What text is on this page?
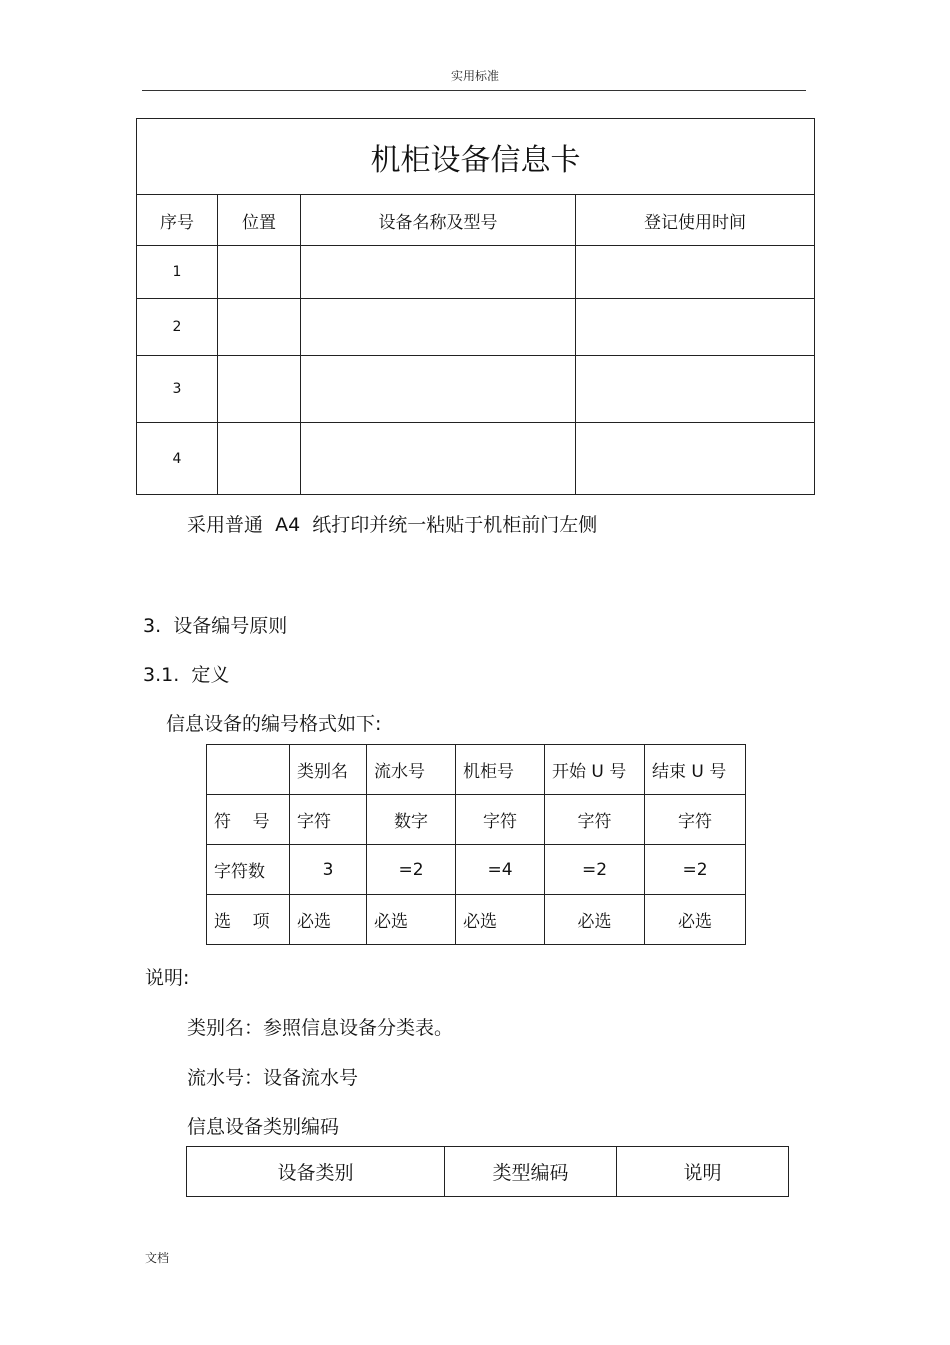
实用标准
机柜设备信息卡			
序号	位置	设备名称及型号	登记使用时间
1			
2			
3			
4			
采用普通  A4  纸打印并统一粘贴于机柜前门左侧
3.  设备编号原则
3.1.  定义
信息设备的编号格式如下:
	类别名	流水号	机柜号	开始 U 号	结束 U 号
符    号	字符	数字	字符	字符	字符
字符数	3	=2	=4	=2	=2
选    项	必选	必选	必选	必选	必选
说明:
类别名：参照信息设备分类表。
流水号：设备流水号
信息设备类别编码
设备类别	类型编码	说明
文档
